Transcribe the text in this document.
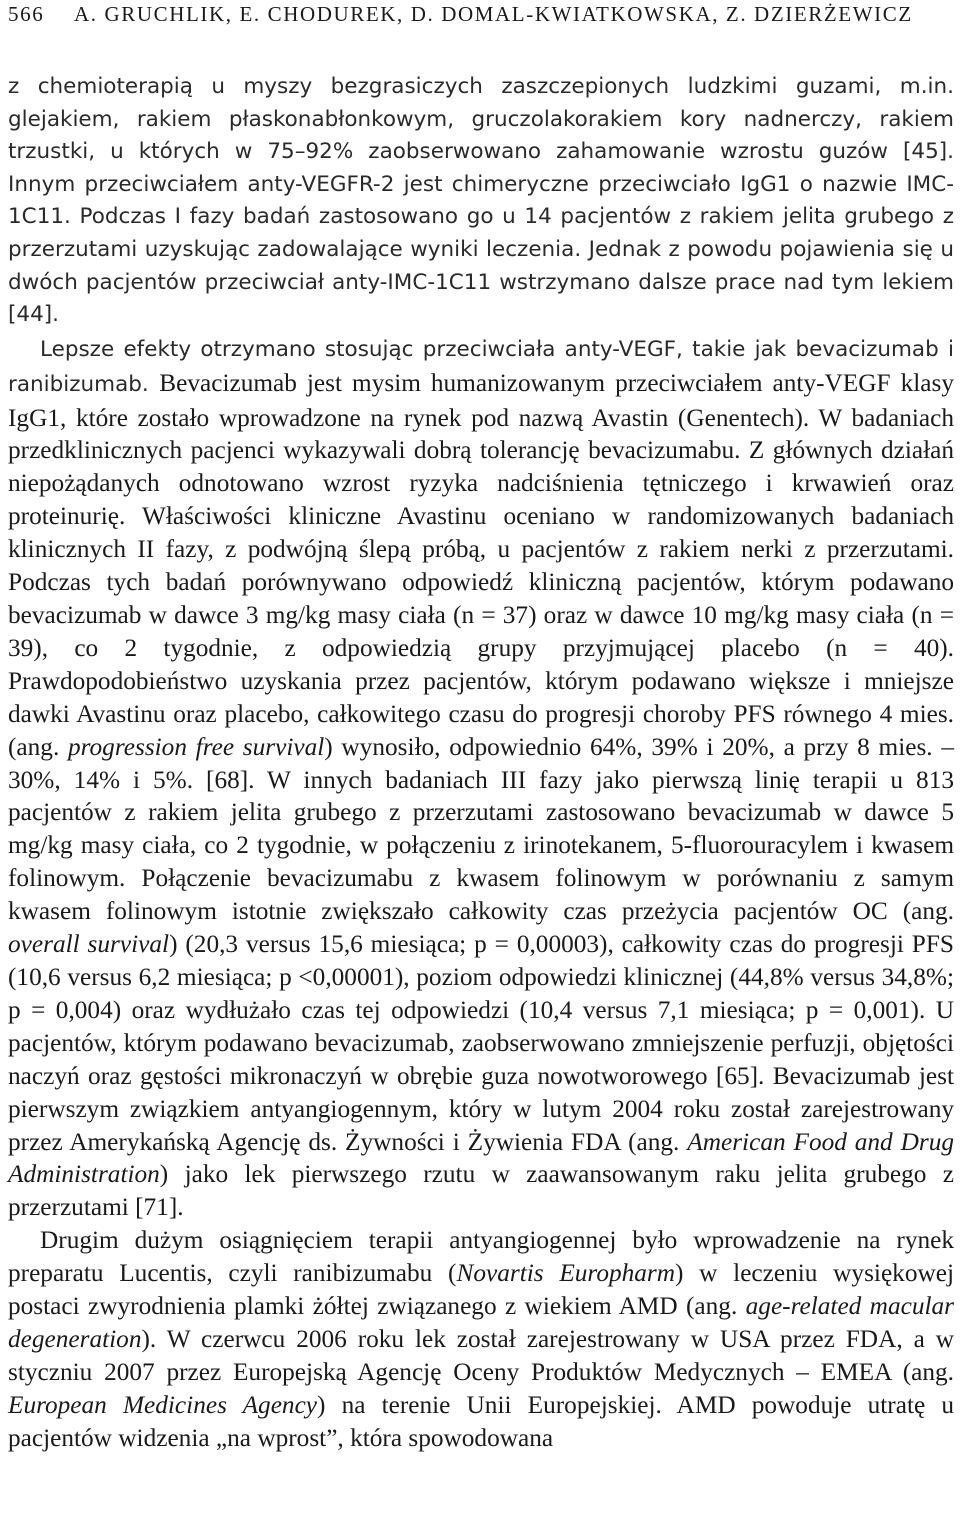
566 A. GRUCHLIK, E. CHODUREK, D. DOMAL-KWIATKOWSKA, Z. DZIERŻEWICZ

z chemioterapią u myszy bezgrasiczych zaszczepionych ludzkimi guzami, m.in. glejakiem, rakiem płaskonabłonkowym, gruczolakorakiem kory nadnerczy, rakiem trzustki, u których w 75–92% zaobserwowano zahamowanie wzrostu guzów [45]. Innym przeciwciałem anty-VEGFR-2 jest chimeryczne przeciwciało IgG1 o nazwie IMC-1C11. Podczas I fazy badań zastosowano go u 14 pacjentów z rakiem jelita grubego z przerzutami uzyskując zadowalające wyniki leczenia. Jednak z powodu pojawienia się u dwóch pacjentów przeciwciał anty-IMC-1C11 wstrzymano dalsze prace nad tym lekiem [44].

Lepsze efekty otrzymano stosując przeciwciała anty-VEGF, takie jak bevacizumab i ranibizumab. Bevacizumab jest mysim humanizowanym przeciwciałem anty-VEGF klasy IgG1, które zostało wprowadzone na rynek pod nazwą Avastin (Genentech). W badaniach przedklinicznych pacjenci wykazywali dobrą tolerancję bevacizumabu. Z głównych działań niepożądanych odnotowano wzrost ryzyka nadciśnienia tętniczego i krwawień oraz proteinurię. Właściwości kliniczne Avastinu oceniano w randomizowanych badaniach klinicznych II fazy, z podwójną ślepą próbą, u pacjentów z rakiem nerki z przerzutami. Podczas tych badań porównywano odpowiedź kliniczną pacjentów, którym podawano bevacizumab w dawce 3 mg/kg masy ciała (n = 37) oraz w dawce 10 mg/kg masy ciała (n = 39), co 2 tygodnie, z odpowiedzią grupy przyjmującej placebo (n = 40). Prawdopodobieństwo uzyskania przez pacjentów, którym podawano większe i mniejsze dawki Avastinu oraz placebo, całkowitego czasu do progresji choroby PFS równego 4 mies. (ang. progression free survival) wynosiło, odpowiednio 64%, 39% i 20%, a przy 8 mies. – 30%, 14% i 5%. [68]. W innych badaniach III fazy jako pierwszą linię terapii u 813 pacjentów z rakiem jelita grubego z przerzutami zastosowano bevacizumab w dawce 5 mg/kg masy ciała, co 2 tygodnie, w połączeniu z irinotekanem, 5-fluorouracylem i kwasem folinowym. Połączenie bevacizumabu z kwasem folinowym w porównaniu z samym kwasem folinowym istotnie zwiększało całkowity czas przeżycia pacjentów OC (ang. overall survival) (20,3 versus 15,6 miesiąca; p = 0,00003), całkowity czas do progresji PFS (10,6 versus 6,2 miesiąca; p <0,00001), poziom odpowiedzi klinicznej (44,8% versus 34,8%; p = 0,004) oraz wydłużało czas tej odpowiedzi (10,4 versus 7,1 miesiąca; p = 0,001). U pacjentów, którym podawano bevacizumab, zaobserwowano zmniejszenie perfuzji, objętości naczyń oraz gęstości mikronaczyń w obrębie guza nowotworowego [65]. Bevacizumab jest pierwszym związkiem antyangiogennym, który w lutym 2004 roku został zarejestrowany przez Amerykańską Agencję ds. Żywności i Żywienia FDA (ang. American Food and Drug Administration) jako lek pierwszego rzutu w zaawansowanym raku jelita grubego z przerzutami [71].

Drugim dużym osiągnięciem terapii antyangiogennej było wprowadzenie na rynek preparatu Lucentis, czyli ranibizumabu (Novartis Europharm) w leczeniu wysiękowej postaci zwyrodnienia plamki żółtej związanego z wiekiem AMD (ang. age-related macular degeneration). W czerwcu 2006 roku lek został zarejestrowany w USA przez FDA, a w styczniu 2007 przez Europejską Agencję Oceny Produktów Medycznych – EMEA (ang. European Medicines Agency) na terenie Unii Europejskiej. AMD powoduje utratę u pacjentów widzenia „na wprost”, która spowodowana
